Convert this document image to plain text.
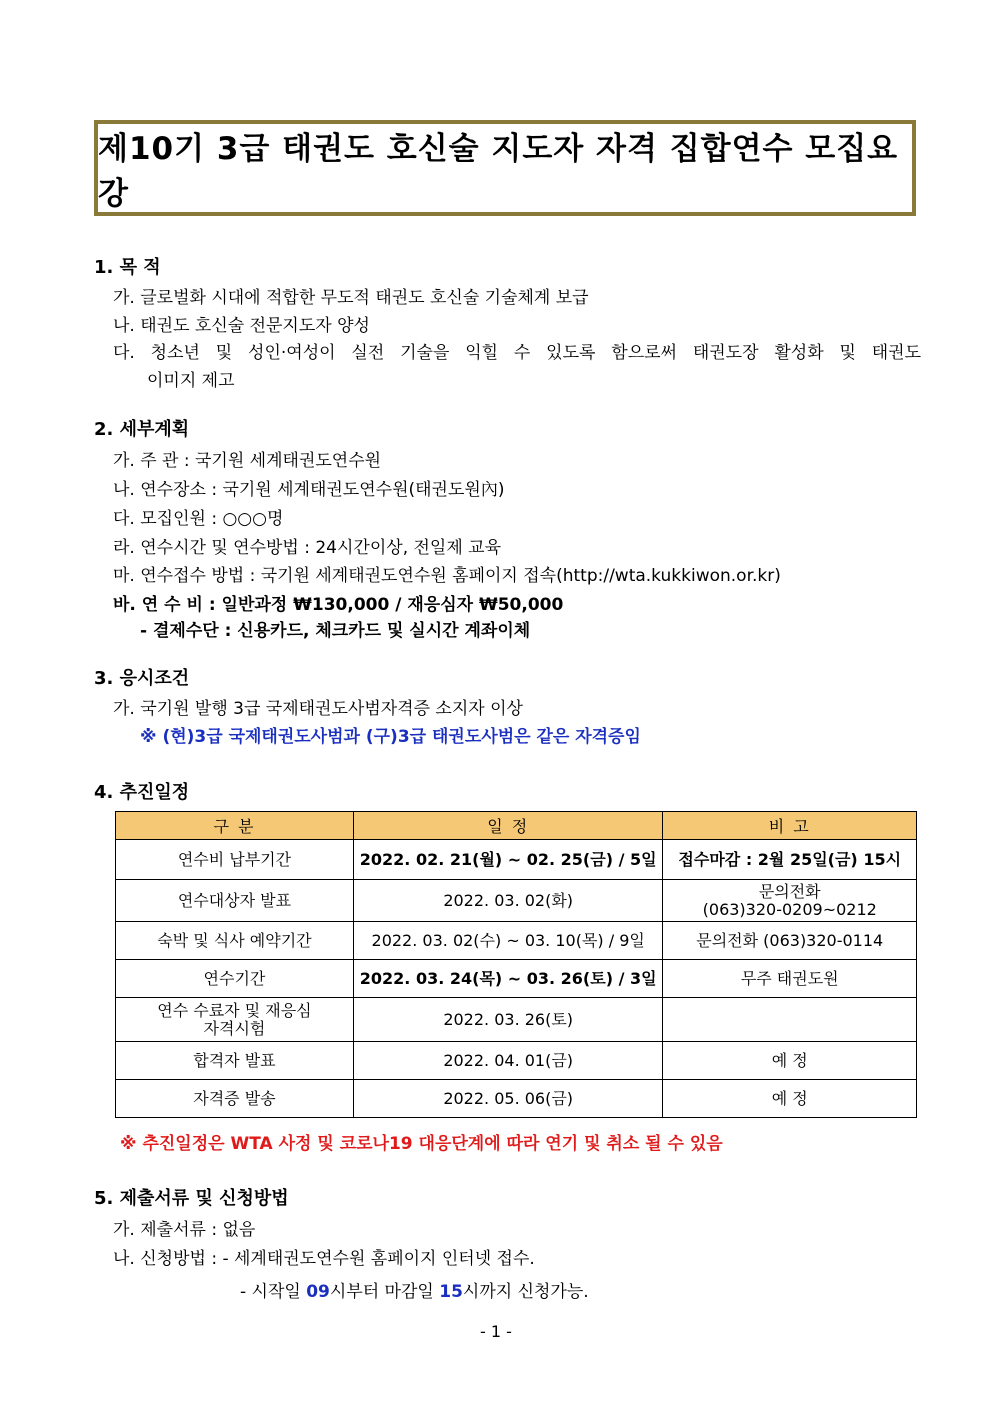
제10기 3급 태권도 호신술 지도자 자격 집합연수 모집요강
1. 목 적
가. 글로벌화 시대에 적합한 무도적 태권도 호신술 기술체계 보급
나. 태권도 호신술 전문지도자 양성
다. 청소년 및 성인·여성이 실전 기술을 익힐 수 있도록 함으로써 태권도장 활성화 및 태권도
이미지 제고
2. 세부계획
가. 주 관 : 국기원 세계태권도연수원
나. 연수장소 : 국기원 세계태권도연수원(태권도원內)
다. 모집인원 : ○○○명
라. 연수시간 및 연수방법 : 24시간이상, 전일제 교육
마. 연수접수 방법 : 국기원 세계태권도연수원 홈페이지 접속(http://wta.kukkiwon.or.kr)
바. 연 수 비 : 일반과정 ₩130,000 / 재응심자 ₩50,000
- 결제수단 : 신용카드, 체크카드 및 실시간 계좌이체
3. 응시조건
가. 국기원 발행 3급 국제태권도사범자격증 소지자 이상
※ (현)3급 국제태권도사범과 (구)3급 태권도사범은 같은 자격증임
4. 추진일정
구 분	일 정	비 고
연수비 납부기간	2022. 02. 21(월) ~ 02. 25(금) / 5일	접수마감 : 2월 25일(금) 15시
연수대상자 발표	2022. 03. 02(화)	문의전화
(063)320-0209~0212

숙박 및 식사 예약기간	2022. 03. 02(수) ~ 03. 10(목) / 9일	문의전화 (063)320-0114
연수기간	2022. 03. 24(목) ~ 03. 26(토) / 3일	무주 태권도원

연수 수료자 및 재응심
자격시험	2022. 03. 26(토)	
합격자 발표	2022. 04. 01(금)	예 정
자격증 발송	2022. 05. 06(금)	예 정
※ 추진일정은 WTA 사정 및 코로나19 대응단계에 따라 연기 및 취소 될 수 있음
5. 제출서류 및 신청방법
가. 제출서류 : 없음
나. 신청방법 : - 세계태권도연수원 홈페이지 인터넷 접수.
- 시작일 09시부터 마감일 15시까지 신청가능.
- 1 -
